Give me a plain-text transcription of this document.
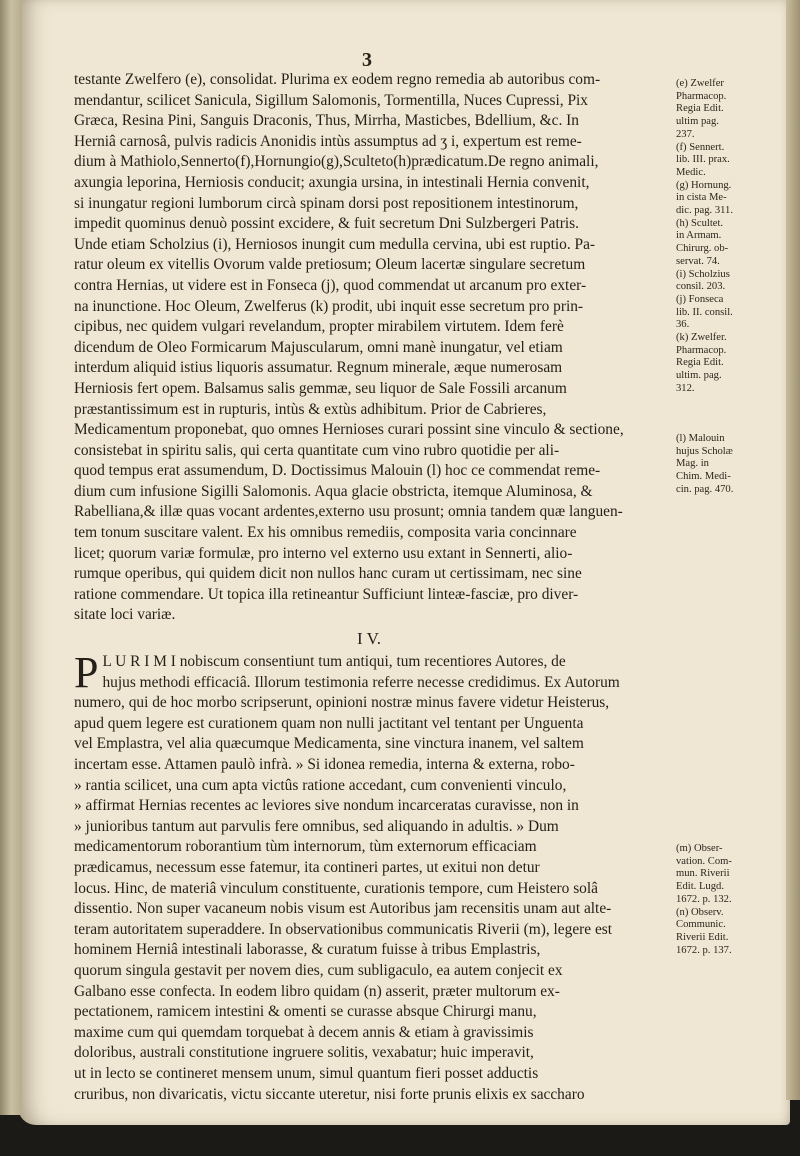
3

testante Zwelfero (e), consolidat. Plurima ex eodem regno remedia ab autoribus com-

mendantur, scilicet Sanicula, Sigillum Salomonis, Tormentilla, Nuces Cupressi, Pix

Græca, Resina Pini, Sanguis Draconis, Thus, Mirrha, Masticbes, Bdellium, &c. In

Herniâ carnosâ, pulvis radicis Anonidis intùs assumptus ad ʒ i, expertum est reme-

dium à Mathiolo,Sennerto(f),Hornungio(g),Sculteto(h)prædicatum.De regno animali,

axungia leporina, Herniosis conducit; axungia ursina, in intestinali Hernia convenit,

si inungatur regioni lumborum circà spinam dorsi post repositionem intestinorum,

impedit quominus denuò possint excidere, & fuit secretum Dni Sulzbergeri Patris.

Unde etiam Scholzius (i), Herniosos inungit cum medulla cervina, ubi est ruptio. Pa-

ratur oleum ex vitellis Ovorum valde pretiosum; Oleum lacertæ singulare secretum

contra Hernias, ut videre est in Fonseca (j), quod commendat ut arcanum pro exter-

na inunctione. Hoc Oleum, Zwelferus (k) prodit, ubi inquit esse secretum pro prin-

cipibus, nec quidem vulgari revelandum, propter mirabilem virtutem. Idem ferè

dicendum de Oleo Formicarum Majuscularum, omni manè inungatur, vel etiam

interdum aliquid istius liquoris assumatur. Regnum minerale, æque numerosam

Herniosis fert opem. Balsamus salis gemmæ, seu liquor de Sale Fossili arcanum

præstantissimum est in rupturis, intùs & extùs adhibitum. Prior de Cabrieres,

Medicamentum proponebat, quo omnes Hernioses curari possint sine vinculo & sectione,

consistebat in spiritu salis, qui certa quantitate cum vino rubro quotidie per ali-

quod tempus erat assumendum, D. Doctissimus Malouin (l) hoc ce commendat reme-

dium cum infusione Sigilli Salomonis. Aqua glacie obstricta, itemque Aluminosa, &

Rabelliana,& illæ quas vocant ardentes,externo usu prosunt; omnia tandem quæ languen-

tem tonum suscitare valent. Ex his omnibus remediis, composita varia concinnare

licet; quorum variæ formulæ, pro interno vel externo usu extant in Sennerti, alio-

rumque operibus, qui quidem dicit non nullos hanc curam ut certissimam, nec sine

ratione commendare. Ut topica illa retineantur Sufficiunt linteæ-fasciæ, pro diver-

sitate loci variæ.

I V.
P L U R I M I nobiscum consentiunt tum antiqui, tum recentiores Autores, de

hujus methodi efficaciâ. Illorum testimonia referre necesse credidimus. Ex Autorum

numero, qui de hoc morbo scripserunt, opinioni nostræ minus favere videtur Heisterus,

apud quem legere est curationem quam non nulli jactitant vel tentant per Unguenta

vel Emplastra, vel alia quæcumque Medicamenta, sine vinctura inanem, vel saltem

incertam esse. Attamen paulò infrà. » Si idonea remedia, interna & externa, robo-

» rantia scilicet, una cum apta victûs ratione accedant, cum convenienti vinculo,

» affirmat Hernias recentes ac leviores sive nondum incarceratas curavisse, non in

» junioribus tantum aut parvulis fere omnibus, sed aliquando in adultis. » Dum

medicamentorum roborantium tùm internorum, tùm externorum efficaciam

prædicamus, necessum esse fatemur, ita contineri partes, ut exitui non detur

locus. Hinc, de materiâ vinculum constituente, curationis tempore, cum Heistero solâ

dissentio. Non super vacaneum nobis visum est Autoribus jam recensitis unam aut alte-

teram autoritatem superaddere. In observationibus communicatis Riverii (m), legere est

hominem Herniâ intestinali laborasse, & curatum fuisse à tribus Emplastris,

quorum singula gestavit per novem dies, cum subligaculo, ea autem conjecit ex

Galbano esse confecta. In eodem libro quidam (n) asserit, præter multorum ex-

pectationem, ramicem intestini & omenti se curasse absque Chirurgi manu,

maxime cum qui quemdam torquebat à decem annis & etiam à gravissimis

doloribus, australi constitutione ingruere solitis, vexabatur; huic imperavit,

ut in lecto se contineret mensem unum, simul quantum fieri posset adductis

cruribus, non divaricatis, victu siccante uteretur, nisi forte prunis elixis ex saccharo

(e) Zwelfer

Pharmacop.

Regia Edit.

ultim pag.

237.

(f) Sennert.

lib. III. prax.

Medic.

(g) Hornung.

in cista Me-

dic. pag. 311.

(h) Scultet.

in Armam.

Chirurg. ob-

servat. 74.

(i) Scholzius

consil. 203.

(j) Fonseca

lib. II. consil.

36.

(k) Zwelfer.

Pharmacop.

Regia Edit.

ultim. pag.

312.

(l) Malouin

hujus Scholæ

Mag. in

Chim. Medi-

cin. pag. 470.

(m) Obser-

vation. Com-

mun. Riverii

Edit. Lugd.

1672. p. 132.

(n) Observ.

Communic.

Riverii Edit.

1672. p. 137.
